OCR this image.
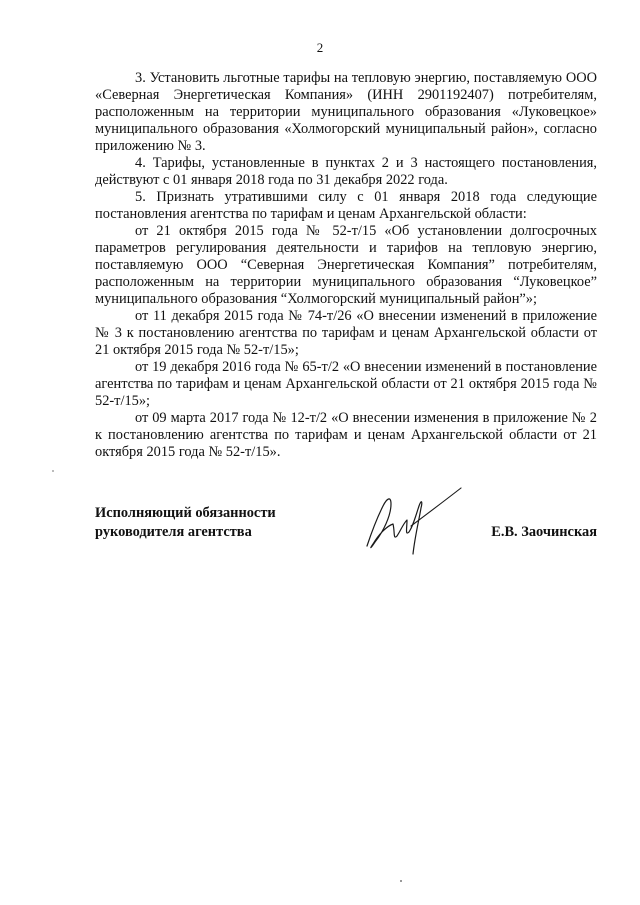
2

3. Установить льготные тарифы на тепловую энергию, поставляемую ООО «Северная Энергетическая Компания» (ИНН 2901192407) потребителям, расположенным на территории муниципального образования «Луковецкое» муниципального образования «Холмогорский муниципальный район», согласно приложению № 3.

4. Тарифы, установленные в пунктах 2 и 3 настоящего постановления, действуют с 01 января 2018 года по 31 декабря 2022 года.

5. Признать утратившими силу с 01 января 2018 года следующие постановления агентства по тарифам и ценам Архангельской области:

от 21 октября 2015 года № 52-т/15 «Об установлении долгосрочных параметров регулирования деятельности и тарифов на тепловую энергию, поставляемую ООО “Северная Энергетическая Компания” потребителям, расположенным на территории муниципального образования “Луковецкое” муниципального образования “Холмогорский муниципальный район”»;

от 11 декабря 2015 года № 74-т/26 «О внесении изменений в приложение № 3 к постановлению агентства по тарифам и ценам Архангельской области от 21 октября 2015 года № 52-т/15»;

от 19 декабря 2016 года № 65-т/2 «О внесении изменений в постановление агентства по тарифам и ценам Архангельской области от 21 октября 2015 года № 52-т/15»;

от 09 марта 2017 года № 12-т/2 «О внесении изменения в приложение № 2 к постановлению агентства по тарифам и ценам Архангельской области от 21 октября 2015 года № 52-т/15».

Исполняющий обязанности
руководителя агентства	Е.В. Заочинская
